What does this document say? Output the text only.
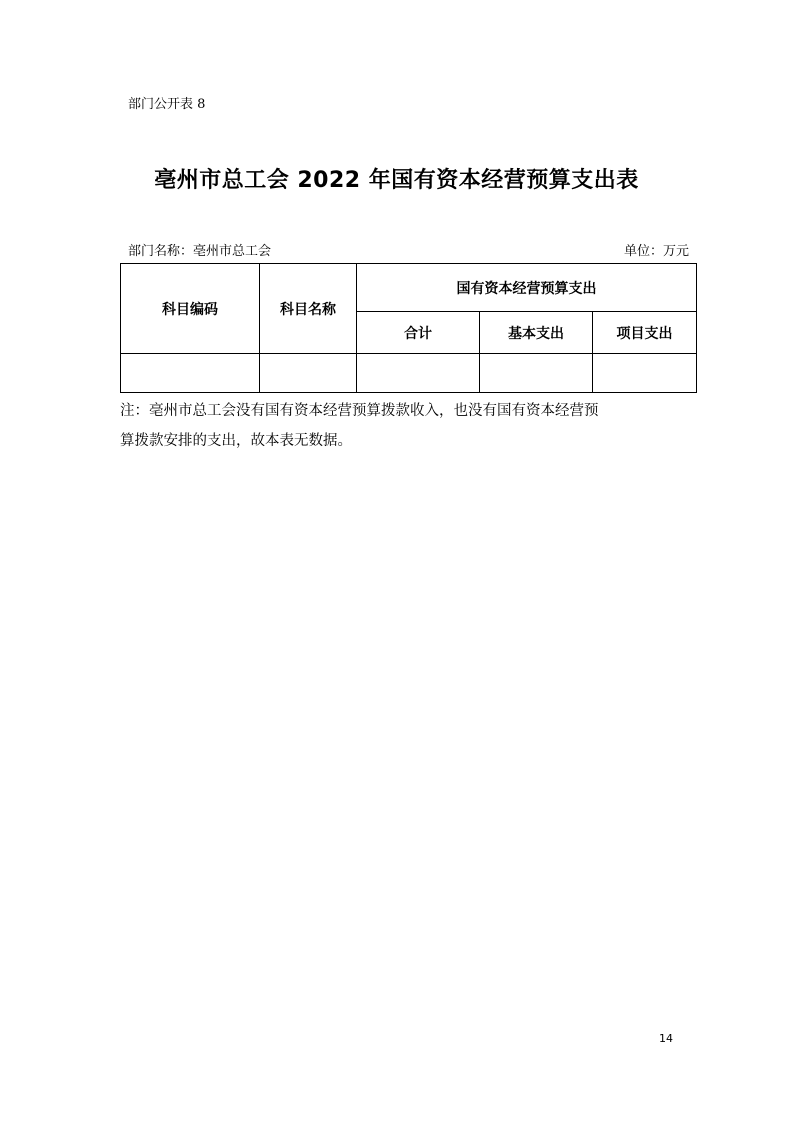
部门公开表 8
亳州市总工会 2022 年国有资本经营预算支出表
部门名称：亳州市总工会	单位：万元
科目编码	科目名称	国有资本经营预算支出		
		合计	基本支出	项目支出

注：亳州市总工会没有国有资本经营预算拨款收入，也没有国有资本经营预
算拨款安排的支出，故本表无数据。
14
